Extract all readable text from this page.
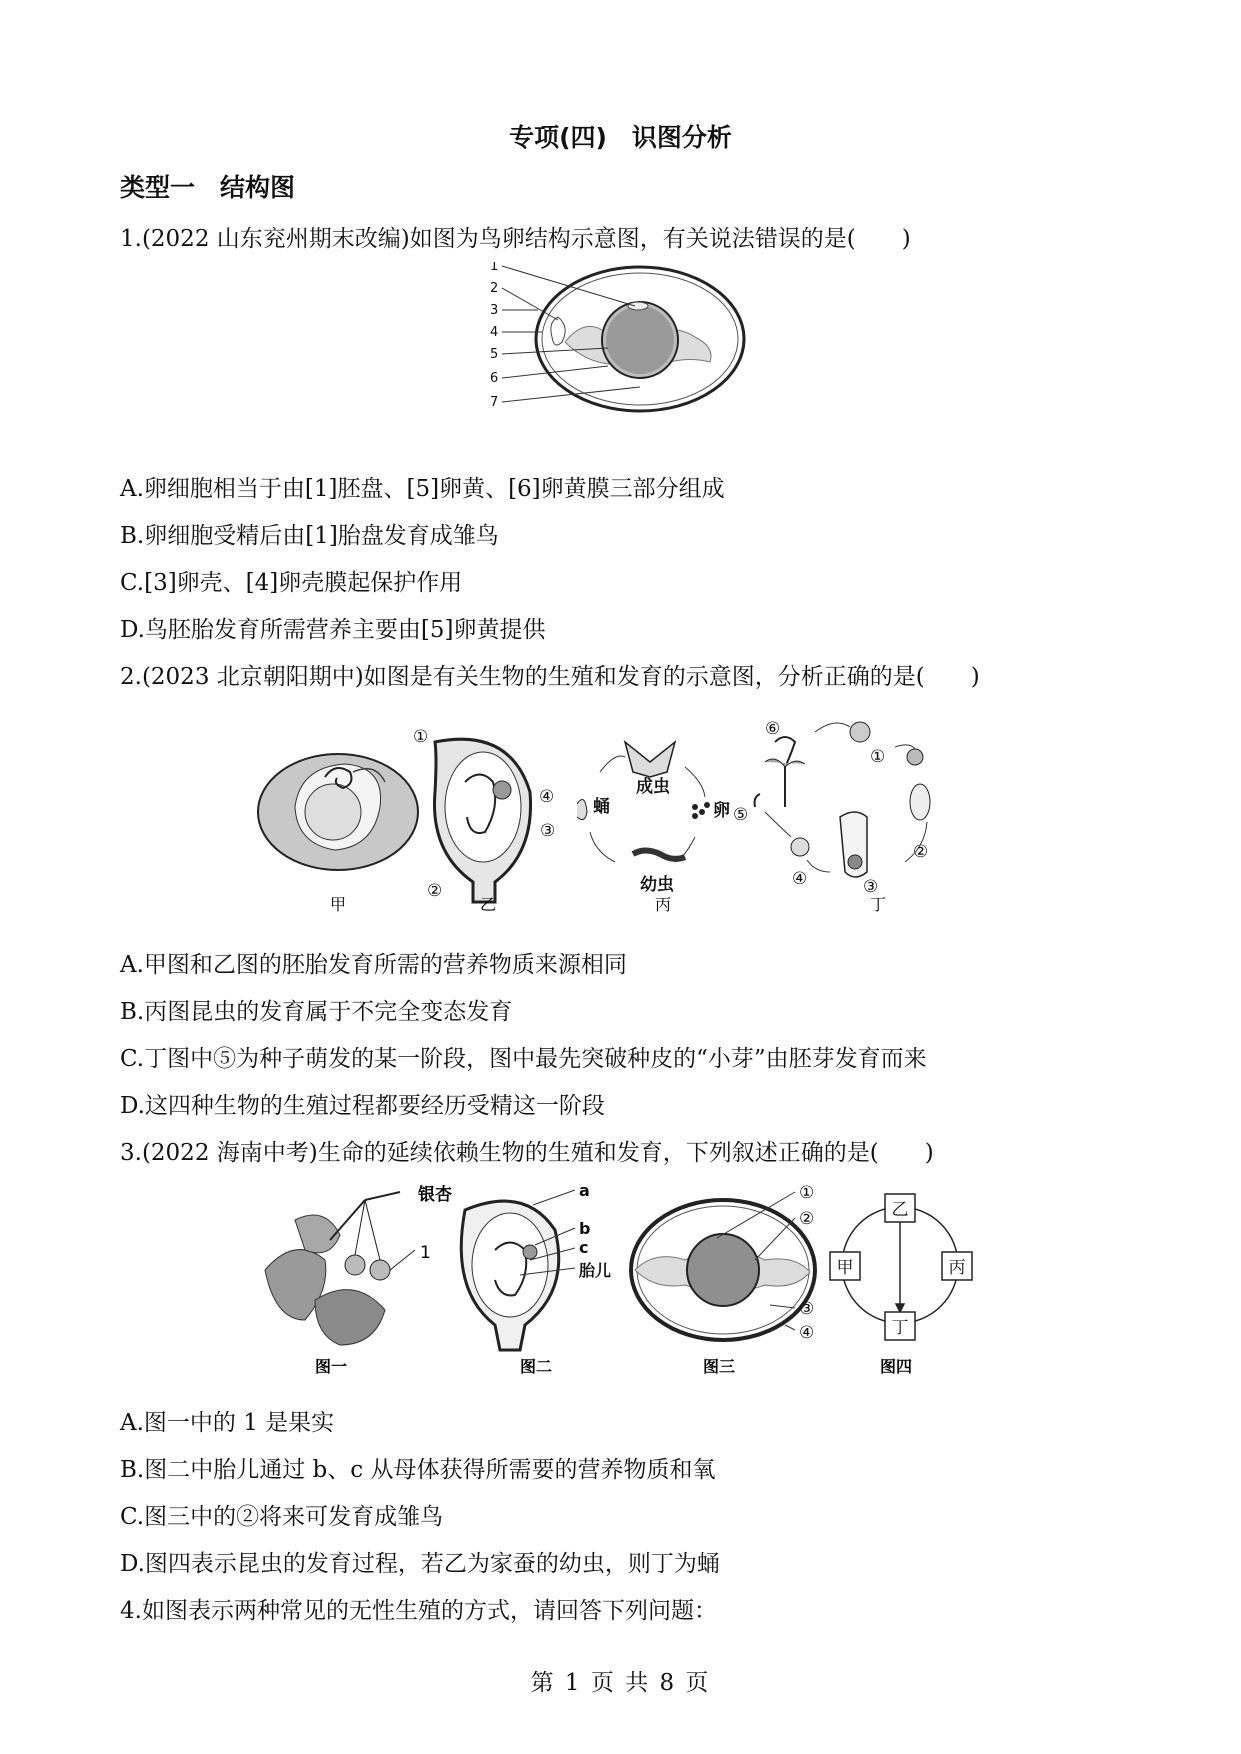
专项(四)　识图分析
类型一　结构图
1.(2022 山东兖州期末改编)如图为鸟卵结构示意图，有关说法错误的是(　　)
1
2
3
4
5
6
7
A.卵细胞相当于由[1]胚盘、[5]卵黄、[6]卵黄膜三部分组成
B.卵细胞受精后由[1]胎盘发育成雏鸟
C.[3]卵壳、[4]卵壳膜起保护作用
D.鸟胚胎发育所需营养主要由[5]卵黄提供
2.(2023 北京朝阳期中)如图是有关生物的生殖和发育的示意图，分析正确的是(　　)
甲
①
②
③
④
乙
成虫
卵
幼虫
蛹
丙
①
②
③
④
⑤
⑥
丁
A.甲图和乙图的胚胎发育所需的营养物质来源相同
B.丙图昆虫的发育属于不完全变态发育
C.丁图中⑤为种子萌发的某一阶段，图中最先突破种皮的“小芽”由胚芽发育而来
D.这四种生物的生殖过程都要经历受精这一阶段
3.(2022 海南中考)生命的延续依赖生物的生殖和发育，下列叙述正确的是(　　)
银杏
1
图一
a
b
c
胎儿
图二
①
②
③
④
图三
乙
甲	丙
丁
图四
A.图一中的 1 是果实
B.图二中胎儿通过 b、c 从母体获得所需要的营养物质和氧
C.图三中的②将来可发育成雏鸟
D.图四表示昆虫的发育过程，若乙为家蚕的幼虫，则丁为蛹
4.如图表示两种常见的无性生殖的方式，请回答下列问题：
第 1 页 共 8 页
